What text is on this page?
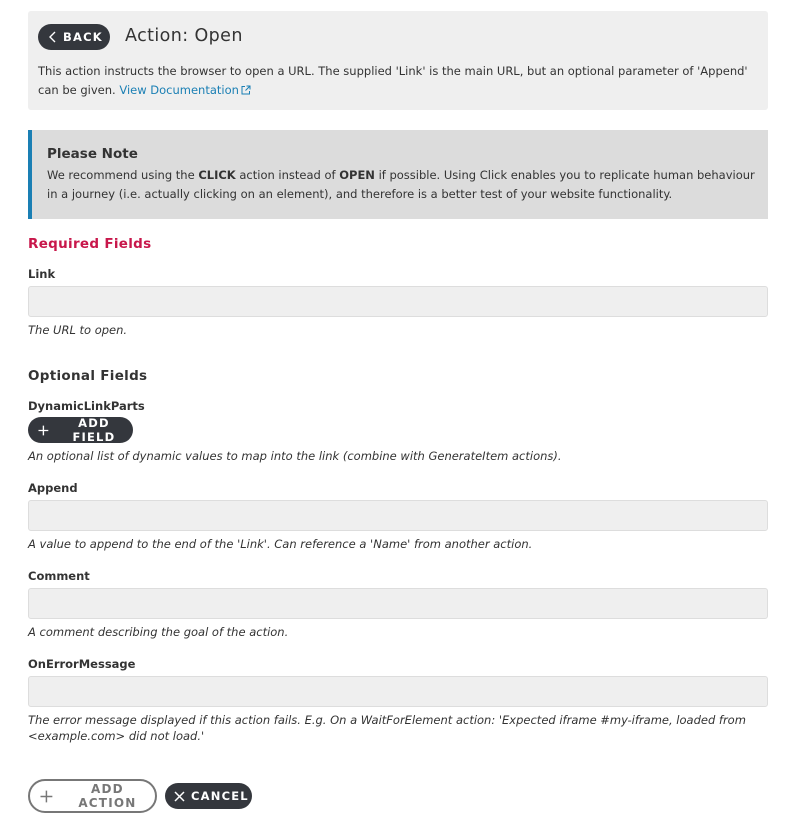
BACK Action: Open
This action instructs the browser to open a URL. The supplied 'Link' is the main URL, but an optional parameter of 'Append' can be given. View Documentation
Please Note
We recommend using the CLICK action instead of OPEN if possible. Using Click enables you to replicate human behaviour in a journey (i.e. actually clicking on an element), and therefore is a better test of your website functionality.
Required Fields
Link
The URL to open.
Optional Fields
DynamicLinkParts
ADD FIELD
An optional list of dynamic values to map into the link (combine with GenerateItem actions).
Append
A value to append to the end of the 'Link'. Can reference a 'Name' from another action.
Comment
A comment describing the goal of the action.
OnErrorMessage
The error message displayed if this action fails. E.g. On a WaitForElement action: 'Expected iframe #my-iframe, loaded from <example.com> did not load.'
ADD ACTION	CANCEL
